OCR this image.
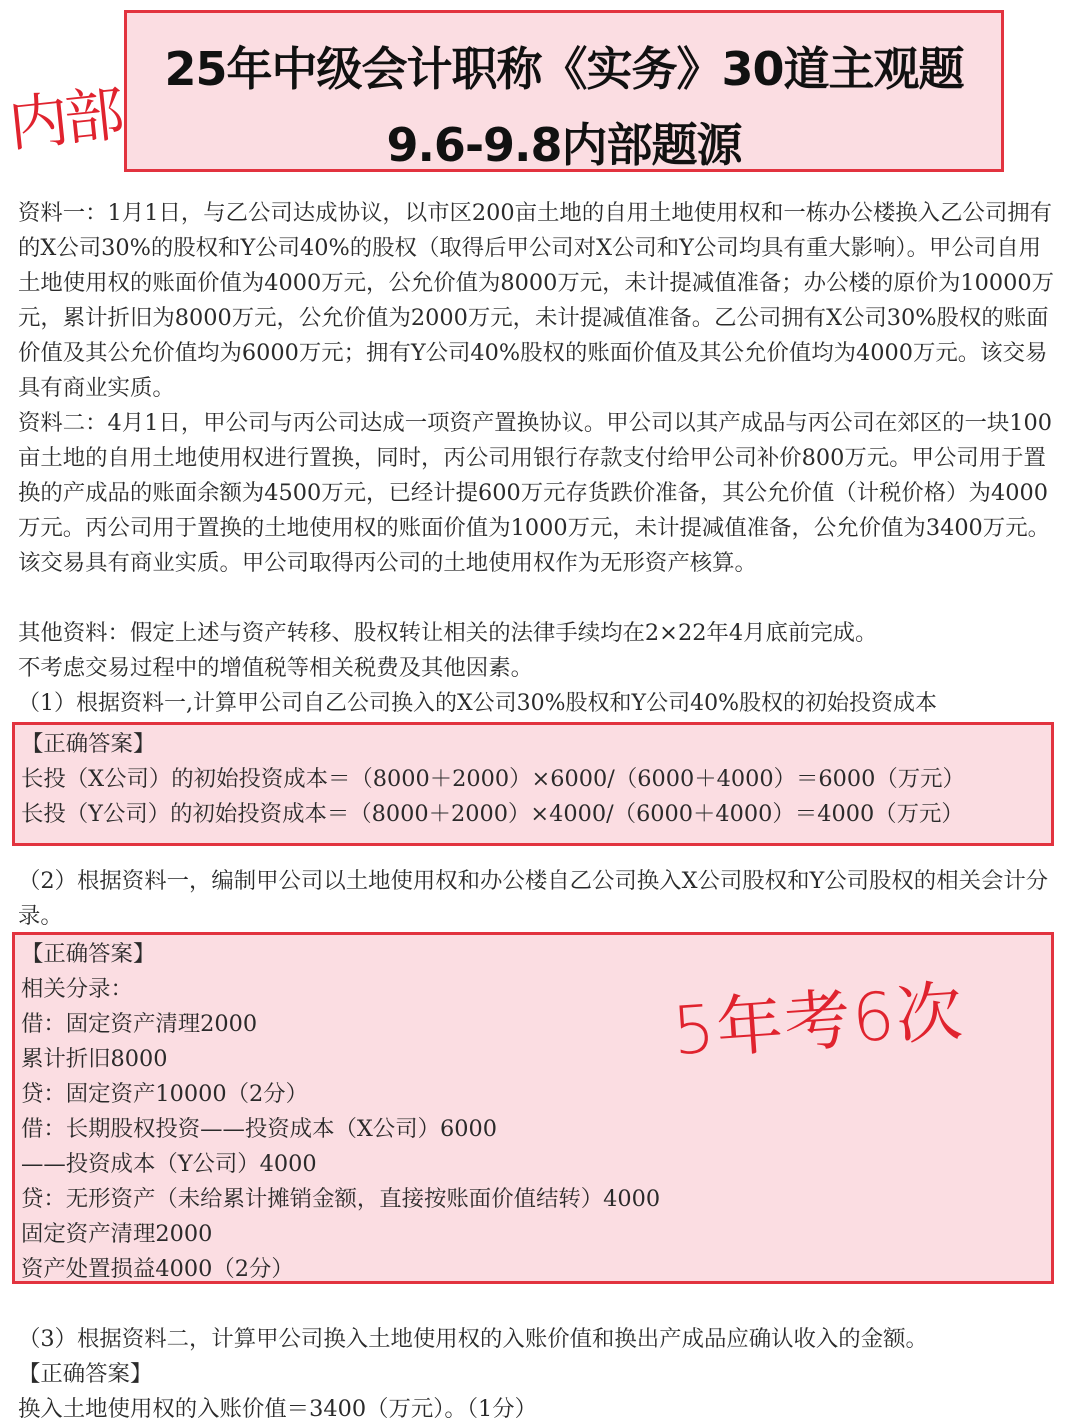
内部
25年中级会计职称《实务》30道主观题
9.6-9.8内部题源

资料一：1月1日，与乙公司达成协议，以市区200亩土地的自用土地使用权和一栋办公楼换入乙公司拥有的X公司30%的股权和Y公司40%的股权（取得后甲公司对X公司和Y公司均具有重大影响）。甲公司自用土地使用权的账面价值为4000万元，公允价值为8000万元，未计提减值准备；办公楼的原价为10000万元，累计折旧为8000万元，公允价值为2000万元，未计提减值准备。乙公司拥有X公司30%股权的账面价值及其公允价值均为6000万元；拥有Y公司40%股权的账面价值及其公允价值均为4000万元。该交易具有商业实质。

资料二：4月1日，甲公司与丙公司达成一项资产置换协议。甲公司以其产成品与丙公司在郊区的一块100亩土地的自用土地使用权进行置换，同时，丙公司用银行存款支付给甲公司补价800万元。甲公司用于置换的产成品的账面余额为4500万元，已经计提600万元存货跌价准备，其公允价值（计税价格）为4000万元。丙公司用于置换的土地使用权的账面价值为1000万元，未计提减值准备，公允价值为3400万元。该交易具有商业实质。甲公司取得丙公司的土地使用权作为无形资产核算。

其他资料：假定上述与资产转移、股权转让相关的法律手续均在2×22年4月底前完成。

不考虑交易过程中的增值税等相关税费及其他因素。

（1）根据资料一,计算甲公司自乙公司换入的X公司30%股权和Y公司40%股权的初始投资成本

【正确答案】

长投（X公司）的初始投资成本＝（8000＋2000）×6000/（6000＋4000）＝6000（万元）

长投（Y公司）的初始投资成本＝（8000＋2000）×4000/（6000＋4000）＝4000（万元）

（2）根据资料一，编制甲公司以土地使用权和办公楼自乙公司换入X公司股权和Y公司股权的相关会计分录。

【正确答案】

相关分录：

借：固定资产清理2000

累计折旧8000

贷：固定资产10000（2分）

借：长期股权投资——投资成本（X公司）6000

——投资成本（Y公司）4000

贷：无形资产（未给累计摊销金额，直接按账面价值结转）4000

固定资产清理2000

资产处置损益4000（2分）

5年考6次

（3）根据资料二，计算甲公司换入土地使用权的入账价值和换出产成品应确认收入的金额。

【正确答案】

换入土地使用权的入账价值＝3400（万元）。（1分）
